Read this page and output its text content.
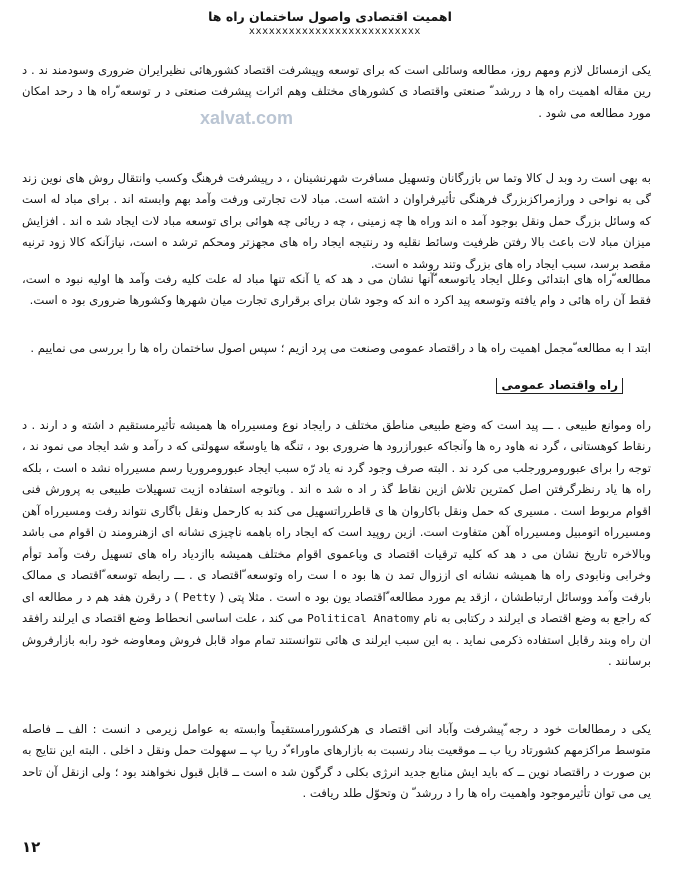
اهمیت اقتصادی واصول ساختمان راه ها
xxxxxxxxxxxxxxxxxxxxxxxxxx
xalvat.com

یکی ازمسائل لازم ومهم روز، مطالعه وسائلی است که برای توسعه وپیشرفت اقتصاد کشورهائی نظیرایران ضروری وسودمند ند . د رین مقاله اهمیت راه ها د ررشد ّ صنعتی واقتصاد ی کشورهای مختلف وهم اثرات پیشرفت صنعتی د ر توسعه ّراه ها د رحد امکان مورد مطالعه می شود .

به بهی است رد وبد ل کالا وتما س بازرگانان وتسهیل مسافرت شهرنشینان ، د رپیشرفت فرهنگ وکسب وانتقال روش های نوین زند گی به نواحی د ورازمراکزبزرگ فرهنگی تأثیرفراوان د اشته است. مباد لات تجارتی ورفت وآمد بهم وابسته اند . برای مباد له است که وسائل بزرگ حمل ونقل بوجود آمد ه اند وراه ها چه زمینی ، چه د ریائی چه هوائی برای توسعه مباد لات ایجاد شد ه اند . افزایش میزان مباد لات باعث بالا رفتن ظرفیت وسائط نقلیه ود رنتیجه ایجاد راه های مجهزتر ومحکم ترشد ه است، نیازآنکه کالا زود ترنیه مقصد برسد، سبب ایجاد راه های بزرگ وتند روشد ه است.

مطالعه ّراه های ابتدائی وعلل ایجاد یاتوسعه ّآنها نشان می د هد که یا آنکه تنها مباد له علت کلیه رفت وآمد ها اولیه نبود ه است، فقط آن راه هائی د وام یافته وتوسعه پید اکرد ه اند که وجود شان برای برقراری تجارت میان شهرها وکشورها ضروری بود ه است.

ابتد ا به مطالعه ّمجمل اهمیت راه ها د راقتصاد عمومی وصنعت می پرد ازیم ؛ سپس اصول ساختمان راه ها را بررسی می نماییم .

راه واقتصاد عمومی

راه وموانع طبیعی . ـــ پید است که وضع طبیعی مناطق مختلف د رایجاد نوع ومسیرراه ها همیشه تأثیرمستقیم د اشته و د ارند . د رنقاط کوهستانی ، گرد نه هاود ره ها وآنجاکه عبورازرود ها ضروری بود ، تنگه ها یاوسعّه سهولتی که د رآمد و شد ایجاد می نمود ند ، توجه را برای عبورومرورجلب می کرد ند . البته صرف وجود گرد نه یاد رّه سبب ایجاد عبورومروریا رسم مسیرراه نشد ه است ، بلکه راه ها یاد رنظرگرفتن اصل کمترین تلاش ازین نقاط گذ ر اد ه شد ه اند . وباتوجه استفاده ازیت تسهیلات طبیعی به پرورش فنی اقوام مربوط است . مسیری که حمل ونقل باکاروان ها ی قاطرراتسهیل می کند به کارحمل ونقل باگاری نتواند رفت ومسیرراه آهن ومسیرراه اتومبیل ومسیرراه آهن متفاوت است. ازین روپید است که ایجاد راه باهمه ناچیزی نشانه ای ازهنرومند ن اقوام می باشد وبالاخره تاریخ نشان می د هد که کلیه ترقیات اقتصاد ی ویاعموی اقوام مختلف همیشه باازدیاد راه های تسهیل رفت وآمد توأم وخرابی ونابودی راه ها همیشه نشانه ای اززوال تمد ن ها بود ه ا ست راه وتوسعه ّاقتصاد ی . ـــ رابطه توسعه ّاقتصاد ی ممالک بارفت وآمد ووسائل ارتباطشان ، ازقد یم مورد مطالعه ّاقتصاد یون بود ه است . مثلا پتی ( Petty ) د رقرن هفد هم د ر مطالعه ای که راجع به وضع اقتصاد ی ایرلند د رکتابی به نام Political Anatomy می کند ، علت اساسی انحطاط وضع اقتصاد ی ایرلند رافقد ان راه وبند رقابل استفاده ذکرمی نماید . به این سبب ایرلند ی هائی نتوانستند تمام مواد قابل فروش ومعاوضه خود رابه بازارفروش برسانند .

یکی د رمطالعات خود د رجه ّپیشرفت وآباد انی اقتصاد ی هرکشوررامستقیماً وابسته به عوامل زیرمی د انست : الف ــ فاصله متوسط مراکزمهم کشورتاد ریا ب ــ موقعیت بناد رنسبت به بازارهای ماوراء ّد ریا پ ــ سهولت حمل ونقل د اخلی . البته این نتایج به بن صورت د راقتصاد نوین ــ که باید ایش منابع جدید انرژی بکلی د گرگون شد ه است ــ قابل قبول نخواهند بود ؛ ولی ازنقل آن تاحد یی می توان تأثیرموجود واهمیت راه ها را د ررشد ّ ن وتحوّل طلد ریافت .

١٢
